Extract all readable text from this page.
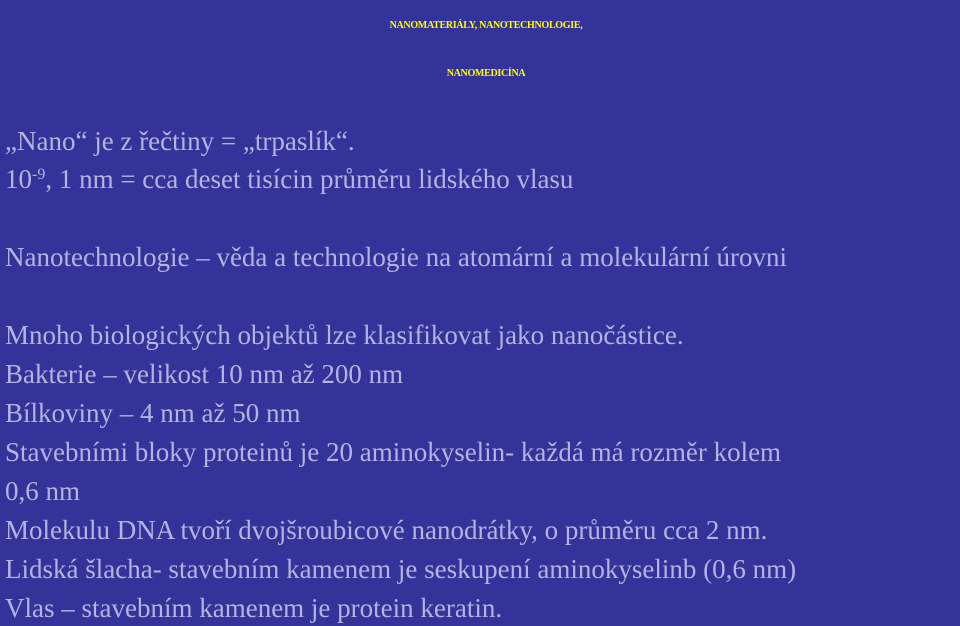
NANOMATERIÁLY, NANOTECHNOLOGIE,
NANOMEDICÍNA
„Nano“ je z řečtiny = „trpaslík“.
$10^{-9}$, 1 nm = cca deset tisícin průměru lidského vlasu
Nanotechnologie – věda a technologie na atomární a molekulární úrovni
Mnoho biologických objektů lze klasifikovat jako nanočástice.
Bakterie – velikost 10 nm až 200 nm
Bílkoviny – 4 nm až 50 nm
Stavebními bloky proteinů je 20 aminokyselin- každá má rozměr kolem
0,6 nm
Molekulu DNA tvoří dvojšroubicové nanodrátky, o průměru cca 2 nm.
Lidská šlacha- stavebním kamenem je seskupení aminokyselinb (0,6 nm)
Vlas – stavebním kamenem je protein keratin.
